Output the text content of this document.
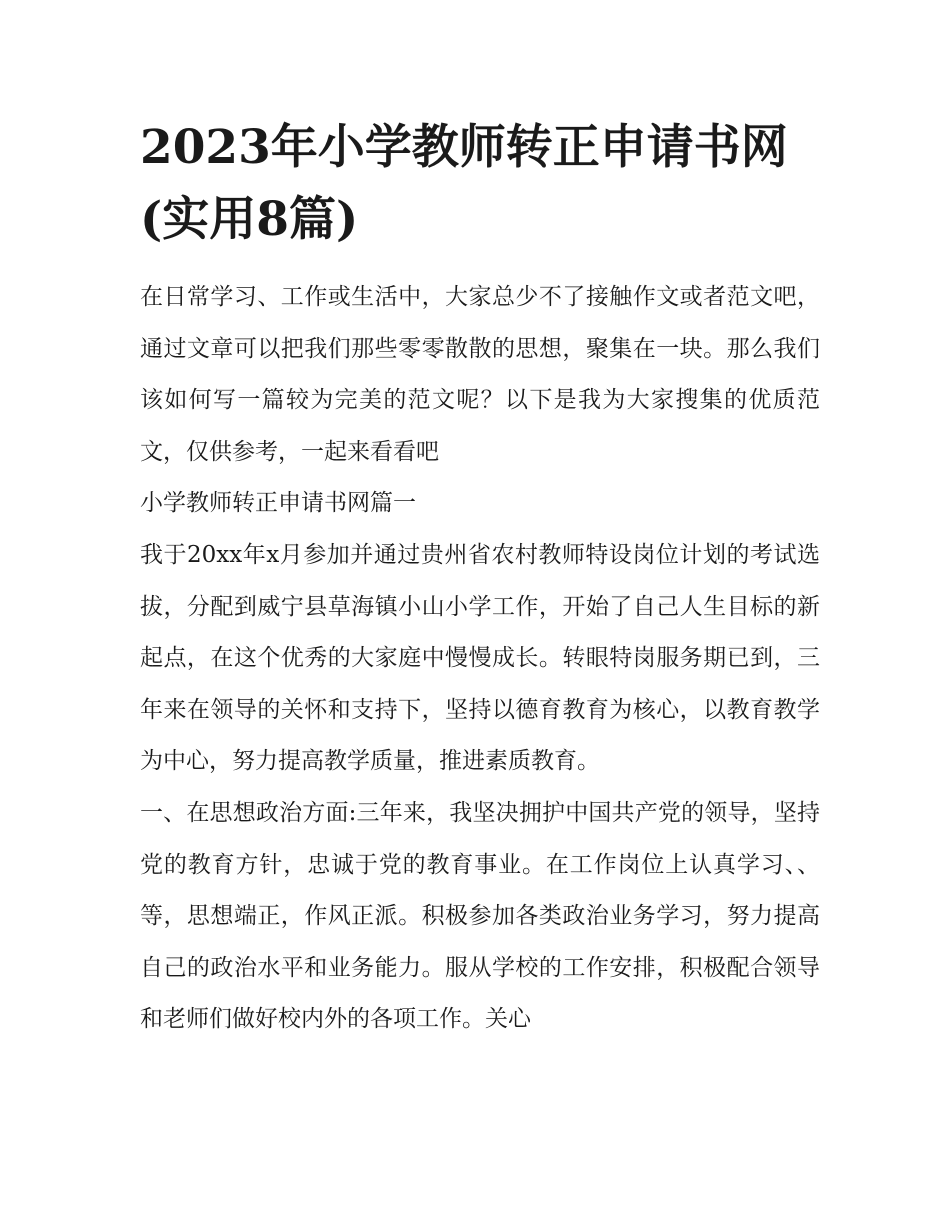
2023年小学教师转正申请书网(实用8篇)

在日常学习、工作或生活中，大家总少不了接触作文或者范文吧，通过文章可以把我们那些零零散散的思想，聚集在一块。那么我们该如何写一篇较为完美的范文呢？以下是我为大家搜集的优质范文，仅供参考，一起来看看吧

小学教师转正申请书网篇一

我于20xx年x月参加并通过贵州省农村教师特设岗位计划的考试选拔，分配到威宁县草海镇小山小学工作，开始了自己人生目标的新起点，在这个优秀的大家庭中慢慢成长。转眼特岗服务期已到，三年来在领导的关怀和支持下，坚持以德育教育为核心，以教育教学为中心，努力提高教学质量，推进素质教育。

一、在思想政治方面:三年来，我坚决拥护中国共产党的领导，坚持党的教育方针，忠诚于党的教育事业。在工作岗位上认真学习、、等，思想端正，作风正派。积极参加各类政治业务学习，努力提高自己的政治水平和业务能力。服从学校的工作安排，积极配合领导和老师们做好校内外的各项工作。关心
